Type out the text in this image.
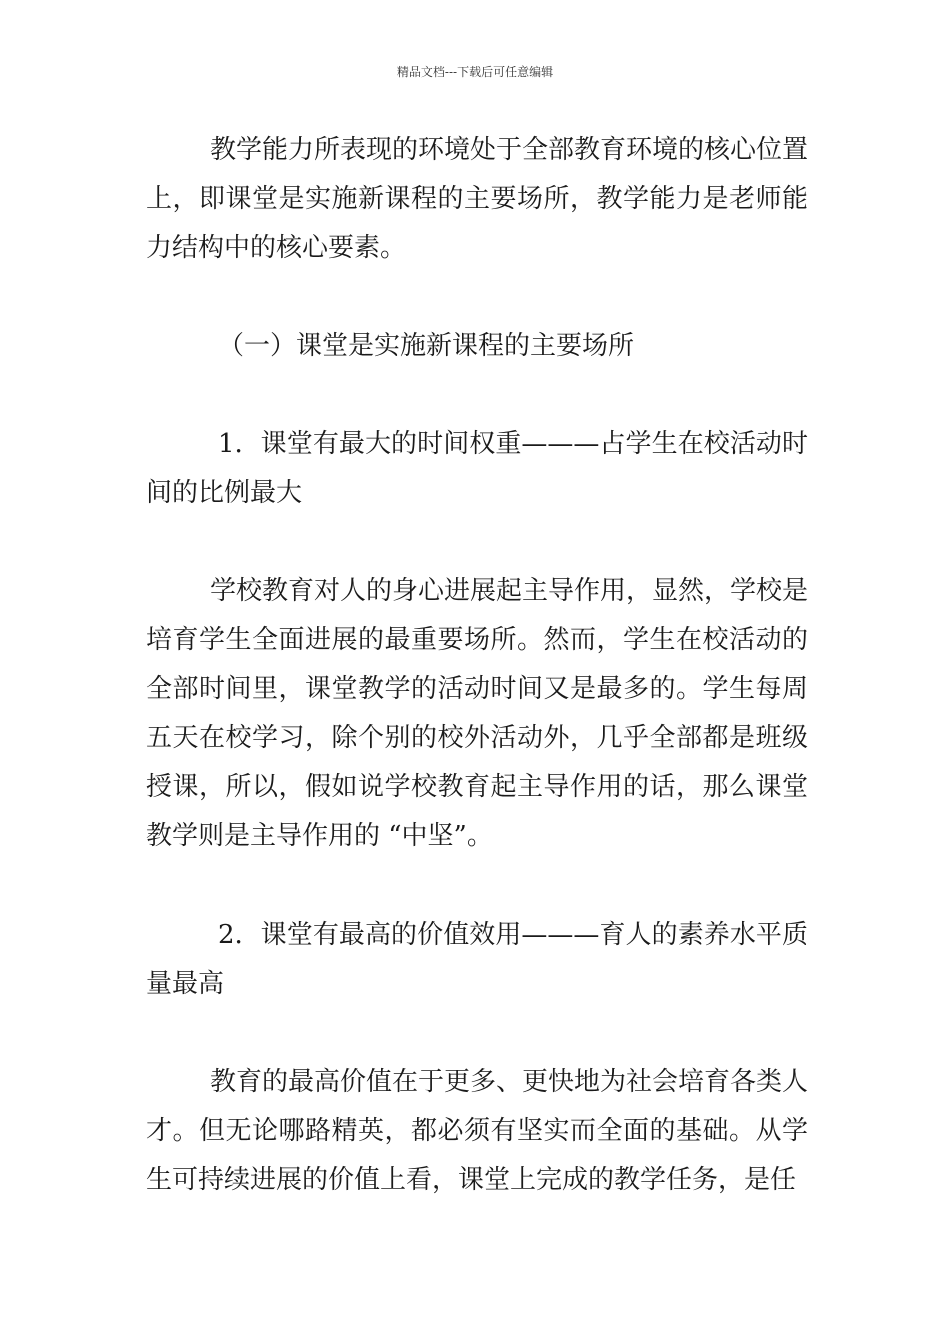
精品文档---下载后可任意编辑

教学能力所表现的环境处于全部教育环境的核心位置上，即课堂是实施新课程的主要场所，教学能力是老师能力结构中的核心要素。

（一）课堂是实施新课程的主要场所

1．课堂有最大的时间权重———占学生在校活动时间的比例最大

学校教育对人的身心进展起主导作用，显然，学校是培育学生全面进展的最重要场所。然而，学生在校活动的全部时间里，课堂教学的活动时间又是最多的。学生每周五天在校学习，除个别的校外活动外，几乎全部都是班级授课，所以，假如说学校教育起主导作用的话，那么课堂教学则是主导作用的 “中坚”。

2．课堂有最高的价值效用———育人的素养水平质量最高

教育的最高价值在于更多、更快地为社会培育各类人才。但无论哪路精英，都必须有坚实而全面的基础。从学生可持续进展的价值上看，课堂上完成的教学任务，是任
